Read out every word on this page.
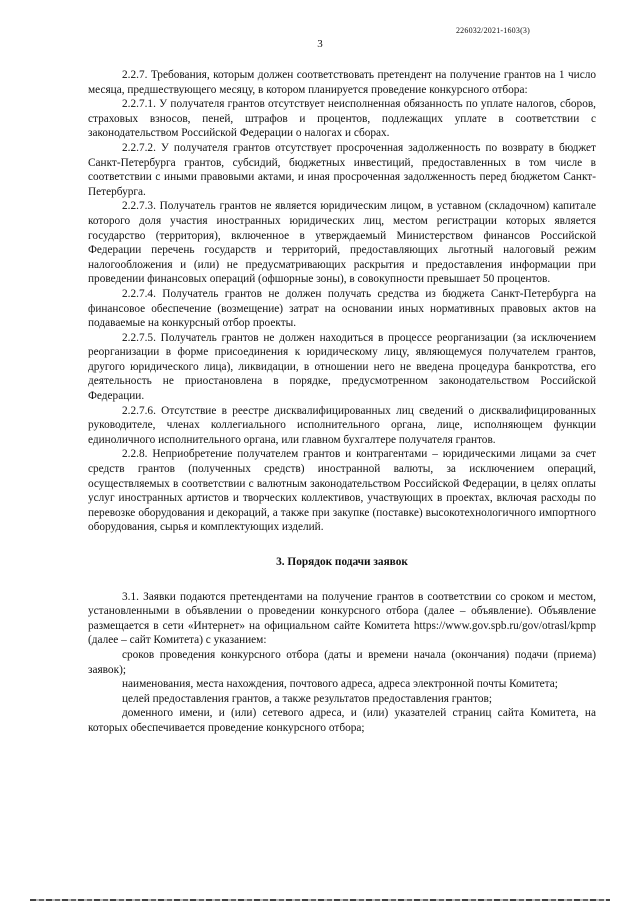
226032/2021-1603(3)
3

2.2.7. Требования, которым должен соответствовать претендент на получение грантов на 1 число месяца, предшествующего месяцу, в котором планируется проведение конкурсного отбора:

2.2.7.1. У получателя грантов отсутствует неисполненная обязанность по уплате налогов, сборов, страховых взносов, пеней, штрафов и процентов, подлежащих уплате в соответствии с законодательством Российской Федерации о налогах и сборах.

2.2.7.2. У получателя грантов отсутствует просроченная задолженность по возврату в бюджет Санкт-Петербурга грантов, субсидий, бюджетных инвестиций, предоставленных в том числе в соответствии с иными правовыми актами, и иная просроченная задолженность перед бюджетом Санкт-Петербурга.

2.2.7.3. Получатель грантов не является юридическим лицом, в уставном (складочном) капитале которого доля участия иностранных юридических лиц, местом регистрации которых является государство (территория), включенное в утверждаемый Министерством финансов Российской Федерации перечень государств и территорий, предоставляющих льготный налоговый режим налогообложения и (или) не предусматривающих раскрытия и предоставления информации при проведении финансовых операций (офшорные зоны), в совокупности превышает 50 процентов.

2.2.7.4. Получатель грантов не должен получать средства из бюджета Санкт-Петербурга на финансовое обеспечение (возмещение) затрат на основании иных нормативных правовых актов на подаваемые на конкурсный отбор проекты.

2.2.7.5. Получатель грантов не должен находиться в процессе реорганизации (за исключением реорганизации в форме присоединения к юридическому лицу, являющемуся получателем грантов, другого юридического лица), ликвидации, в отношении него не введена процедура банкротства, его деятельность не приостановлена в порядке, предусмотренном законодательством Российской Федерации.

2.2.7.6. Отсутствие в реестре дисквалифицированных лиц сведений о дисквалифицированных руководителе, членах коллегиального исполнительного органа, лице, исполняющем функции единоличного исполнительного органа, или главном бухгалтере получателя грантов.

2.2.8. Неприобретение получателем грантов и контрагентами – юридическими лицами за счет средств грантов (полученных средств) иностранной валюты, за исключением операций, осуществляемых в соответствии с валютным законодательством Российской Федерации, в целях оплаты услуг иностранных артистов и творческих коллективов, участвующих в проектах, включая расходы по перевозке оборудования и декораций, а также при закупке (поставке) высокотехнологичного импортного оборудования, сырья и комплектующих изделий.

3. Порядок подачи заявок

3.1. Заявки подаются претендентами на получение грантов в соответствии со сроком и местом, установленными в объявлении о проведении конкурсного отбора (далее – объявление). Объявление размещается в сети «Интернет» на официальном сайте Комитета https://www.gov.spb.ru/gov/otrasl/kpmp (далее – сайт Комитета) с указанием:

сроков проведения конкурсного отбора (даты и времени начала (окончания) подачи (приема) заявок);

наименования, места нахождения, почтового адреса, адреса электронной почты Комитета;

целей предоставления грантов, а также результатов предоставления грантов;

доменного имени, и (или) сетевого адреса, и (или) указателей страниц сайта Комитета, на которых обеспечивается проведение конкурсного отбора;
